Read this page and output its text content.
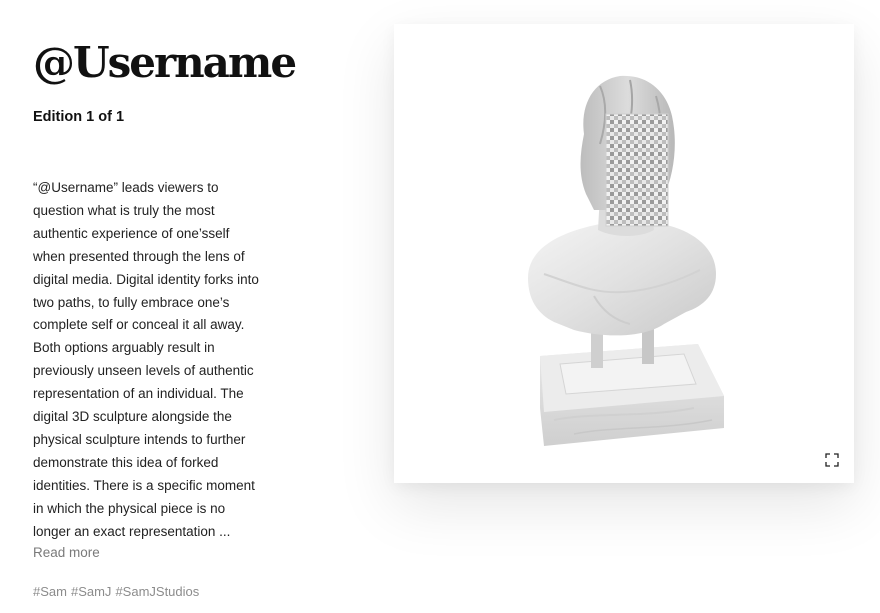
@Username
Edition 1 of 1

“@Username” leads viewers to
question what is truly the most
authentic experience of one’sself
when presented through the lens of
digital media. Digital identity forks into
two paths, to fully embrace one’s
complete self or conceal it all away.
Both options arguably result in
previously unseen levels of authentic
representation of an individual. The
digital 3D sculpture alongside the
physical sculpture intends to further
demonstrate this idea of forked
identities. There is a specific moment
in which the physical piece is no
longer an exact representation ...

Read more
#Sam #SamJ #SamJStudios
